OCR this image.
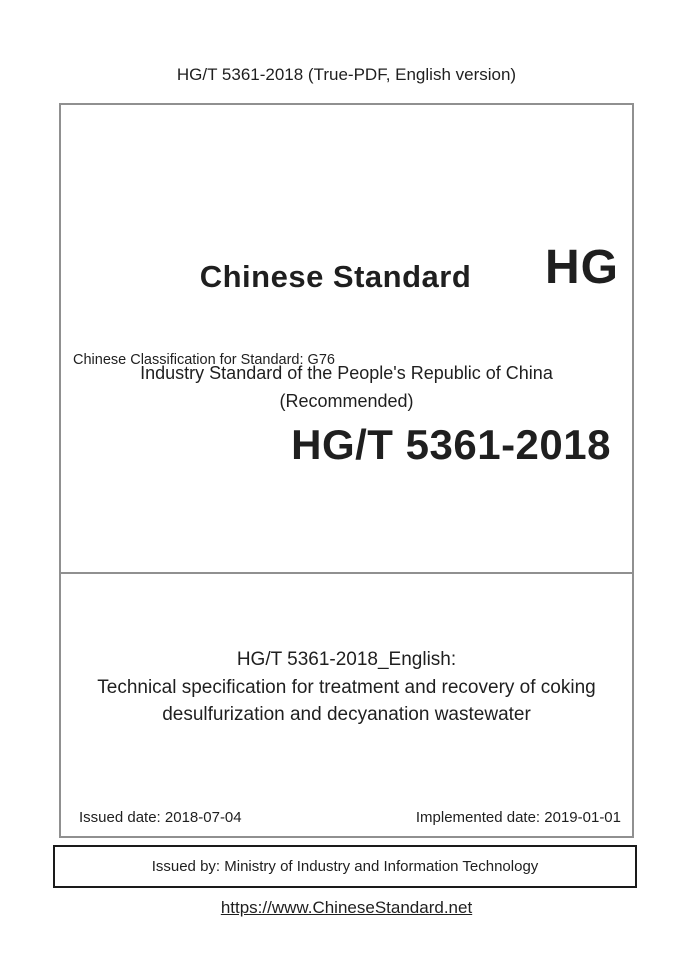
HG/T 5361-2018 (True-PDF, English version)
Chinese Standard	HG
Industry Standard of the People's Republic of China
(Recommended)
Chinese Classification for Standard: G76
HG/T 5361-2018
HG/T 5361-2018_English:
Technical specification for treatment and recovery of coking
desulfurization and decyanation wastewater
Issued date: 2018-07-04	Implemented date: 2019-01-01
Issued by: Ministry of Industry and Information Technology
https://www.ChineseStandard.net
